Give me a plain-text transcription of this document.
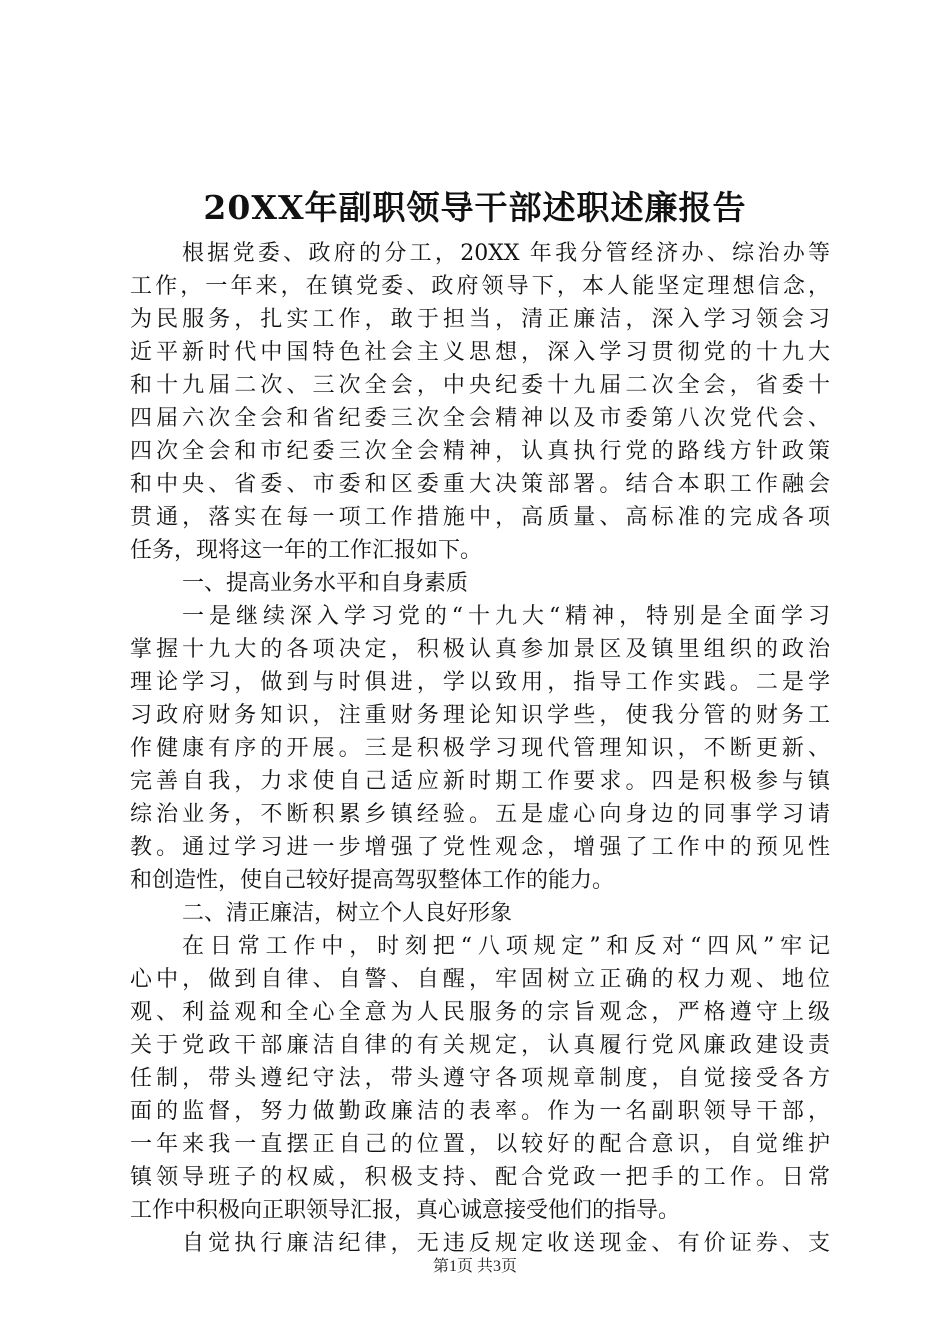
20XX年副职领导干部述职述廉报告
根据党委、政府的分工，20XX 年我分管经济办、综治办等
工作，一年来，在镇党委、政府领导下，本人能坚定理想信念，
为民服务，扎实工作，敢于担当，清正廉洁，深入学习领会习
近平新时代中国特色社会主义思想，深入学习贯彻党的十九大
和十九届二次、三次全会，中央纪委十九届二次全会，省委十
四届六次全会和省纪委三次全会精神以及市委第八次党代会、
四次全会和市纪委三次全会精神，认真执行党的路线方针政策
和中央、省委、市委和区委重大决策部署。结合本职工作融会
贯通，落实在每一项工作措施中，高质量、高标准的完成各项
任务，现将这一年的工作汇报如下。
一、提高业务水平和自身素质
一是继续深入学习党的“十九大“精神，特别是全面学习
掌握十九大的各项决定，积极认真参加景区及镇里组织的政治
理论学习，做到与时俱进，学以致用，指导工作实践。二是学
习政府财务知识，注重财务理论知识学些，使我分管的财务工
作健康有序的开展。三是积极学习现代管理知识，不断更新、
完善自我，力求使自己适应新时期工作要求。四是积极参与镇
综治业务，不断积累乡镇经验。五是虚心向身边的同事学习请
教。通过学习进一步增强了党性观念，增强了工作中的预见性
和创造性，使自己较好提高驾驭整体工作的能力。
二、清正廉洁，树立个人良好形象
在日常工作中，时刻把“八项规定”和反对“四风”牢记
心中，做到自律、自警、自醒，牢固树立正确的权力观、地位
观、利益观和全心全意为人民服务的宗旨观念，严格遵守上级
关于党政干部廉洁自律的有关规定，认真履行党风廉政建设责
任制，带头遵纪守法，带头遵守各项规章制度，自觉接受各方
面的监督，努力做勤政廉洁的表率。作为一名副职领导干部，
一年来我一直摆正自己的位置，以较好的配合意识，自觉维护
镇领导班子的权威，积极支持、配合党政一把手的工作。日常
工作中积极向正职领导汇报，真心诚意接受他们的指导。
自觉执行廉洁纪律，无违反规定收送现金、有价证券、支
第1页 共3页
